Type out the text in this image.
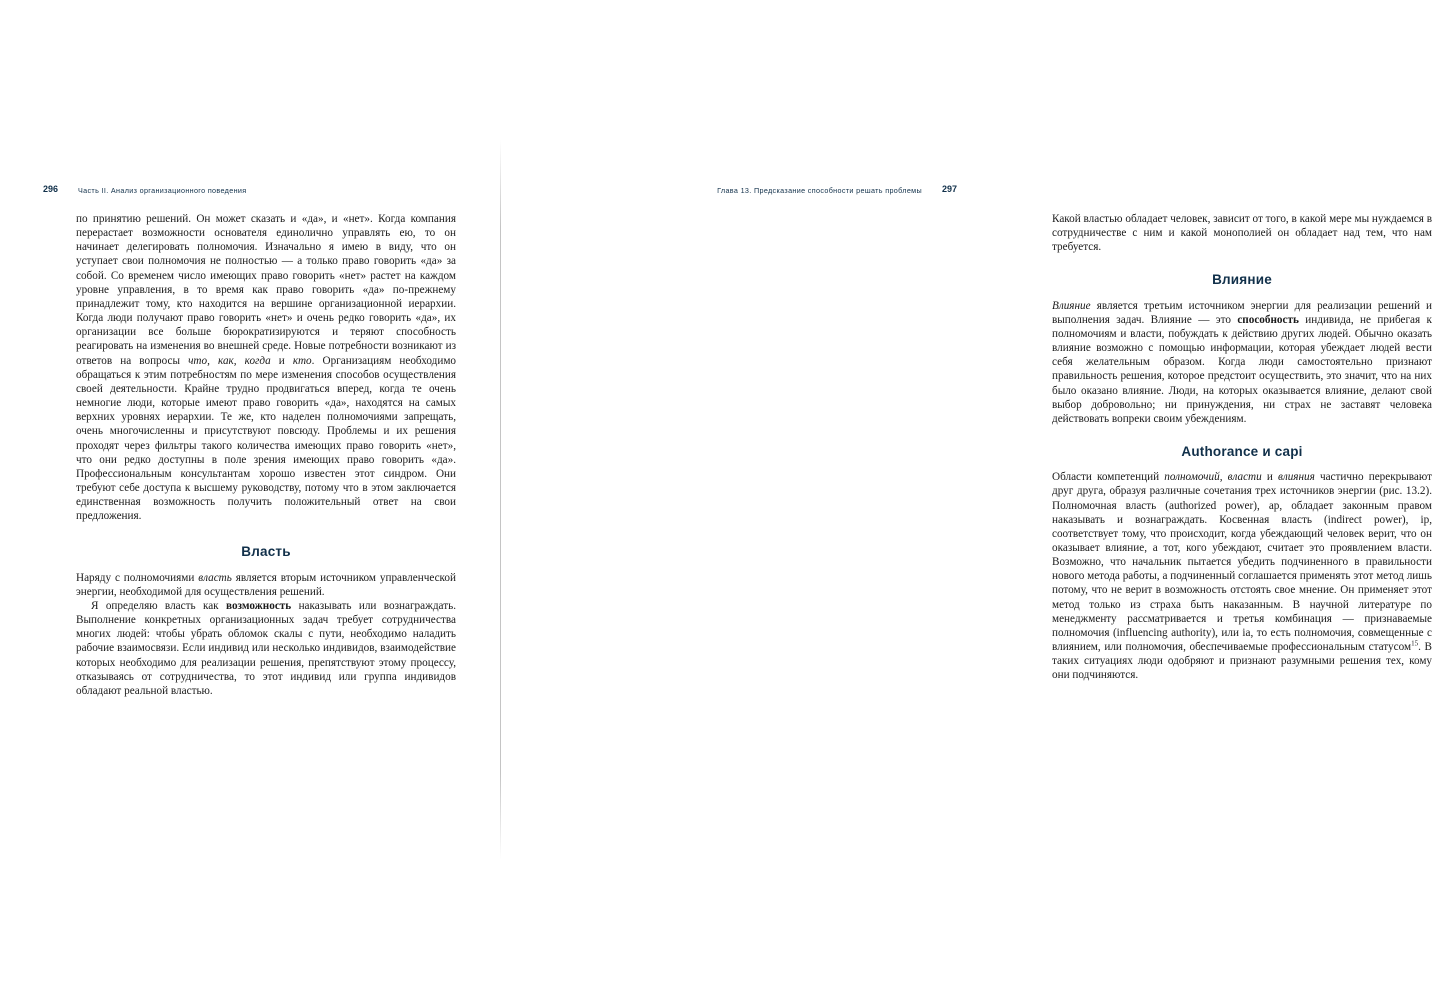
296	Часть II. Анализ организационного поведения

по принятию решений. Он может сказать и «да», и «нет». Когда компания перерастает возможности основателя единолично управлять ею, то он начинает делегировать полномочия. Изначально я имею в виду, что он уступает свои полномочия не полностью — а только право говорить «да» за собой. Со временем число имеющих право говорить «нет» растет на каждом уровне управления, в то время как право говорить «да» по-прежнему принадлежит тому, кто находится на вершине организационной иерархии. Когда люди получают право говорить «нет» и очень редко говорить «да», их организации все больше бюрократизируются и теряют способность реагировать на изменения во внешней среде. Новые потребности возникают из ответов на вопросы что, как, когда и кто. Организациям необходимо обращаться к этим потребностям по мере изменения способов осуществления своей деятельности. Крайне трудно продвигаться вперед, когда те очень немногие люди, которые имеют право говорить «да», находятся на самых верхних уровнях иерархии. Те же, кто наделен полномочиями запрещать, очень многочисленны и присутствуют повсюду. Проблемы и их решения проходят через фильтры такого количества имеющих право говорить «нет», что они редко доступны в поле зрения имеющих право говорить «да». Профессиональным консультантам хорошо известен этот синдром. Они требуют себе доступа к высшему руководству, потому что в этом заключается единственная возможность получить положительный ответ на свои предложения.

Власть

Наряду с полномочиями власть является вторым источником управленческой энергии, необходимой для осуществления решений.

Я определяю власть как возможность наказывать или вознаграждать. Выполнение конкретных организационных задач требует сотрудничества многих людей: чтобы убрать обломок скалы с пути, необходимо наладить рабочие взаимосвязи. Если индивид или несколько индивидов, взаимодействие которых необходимо для реализации решения, препятствуют этому процессу, отказываясь от сотрудничества, то этот индивид или группа индивидов обладают реальной властью.

297
Глава 13. Предсказание способности решать проблемы

Какой властью обладает человек, зависит от того, в какой мере мы нуждаемся в сотрудничестве с ним и какой монополией он обладает над тем, что нам требуется.

Влияние

Влияние является третьим источником энергии для реализации решений и выполнения задач. Влияние — это способность индивида, не прибегая к полномочиям и власти, побуждать к действию других людей. Обычно оказать влияние возможно с помощью информации, которая убеждает людей вести себя желательным образом. Когда люди самостоятельно признают правильность решения, которое предстоит осуществить, это значит, что на них было оказано влияние. Люди, на которых оказывается влияние, делают свой выбор добровольно; ни принуждения, ни страх не заставят человека действовать вопреки своим убеждениям.

Authorance и capi

Области компетенций полномочий, власти и влияния частично перекрывают друг друга, образуя различные сочетания трех источников энергии (рис. 13.2). Полномочная власть (authorized power), ар, обладает законным правом наказывать и вознаграждать. Косвенная власть (indirect power), ip, соответствует тому, что происходит, когда убеждающий человек верит, что он оказывает влияние, а тот, кого убеждают, считает это проявлением власти. Возможно, что начальник пытается убедить подчиненного в правильности нового метода работы, а подчиненный соглашается применять этот метод лишь потому, что не верит в возможность отстоять свое мнение. Он применяет этот метод только из страха быть наказанным. В научной литературе по менеджменту рассматривается и третья комбинация — признаваемые полномочия (influencing authority), или ia, то есть полномочия, совмещенные с влиянием, или полномочия, обеспечиваемые профессиональным статусом$^{15}$. В таких ситуациях люди одобряют и признают разумными решения тех, кому они подчиняются.
